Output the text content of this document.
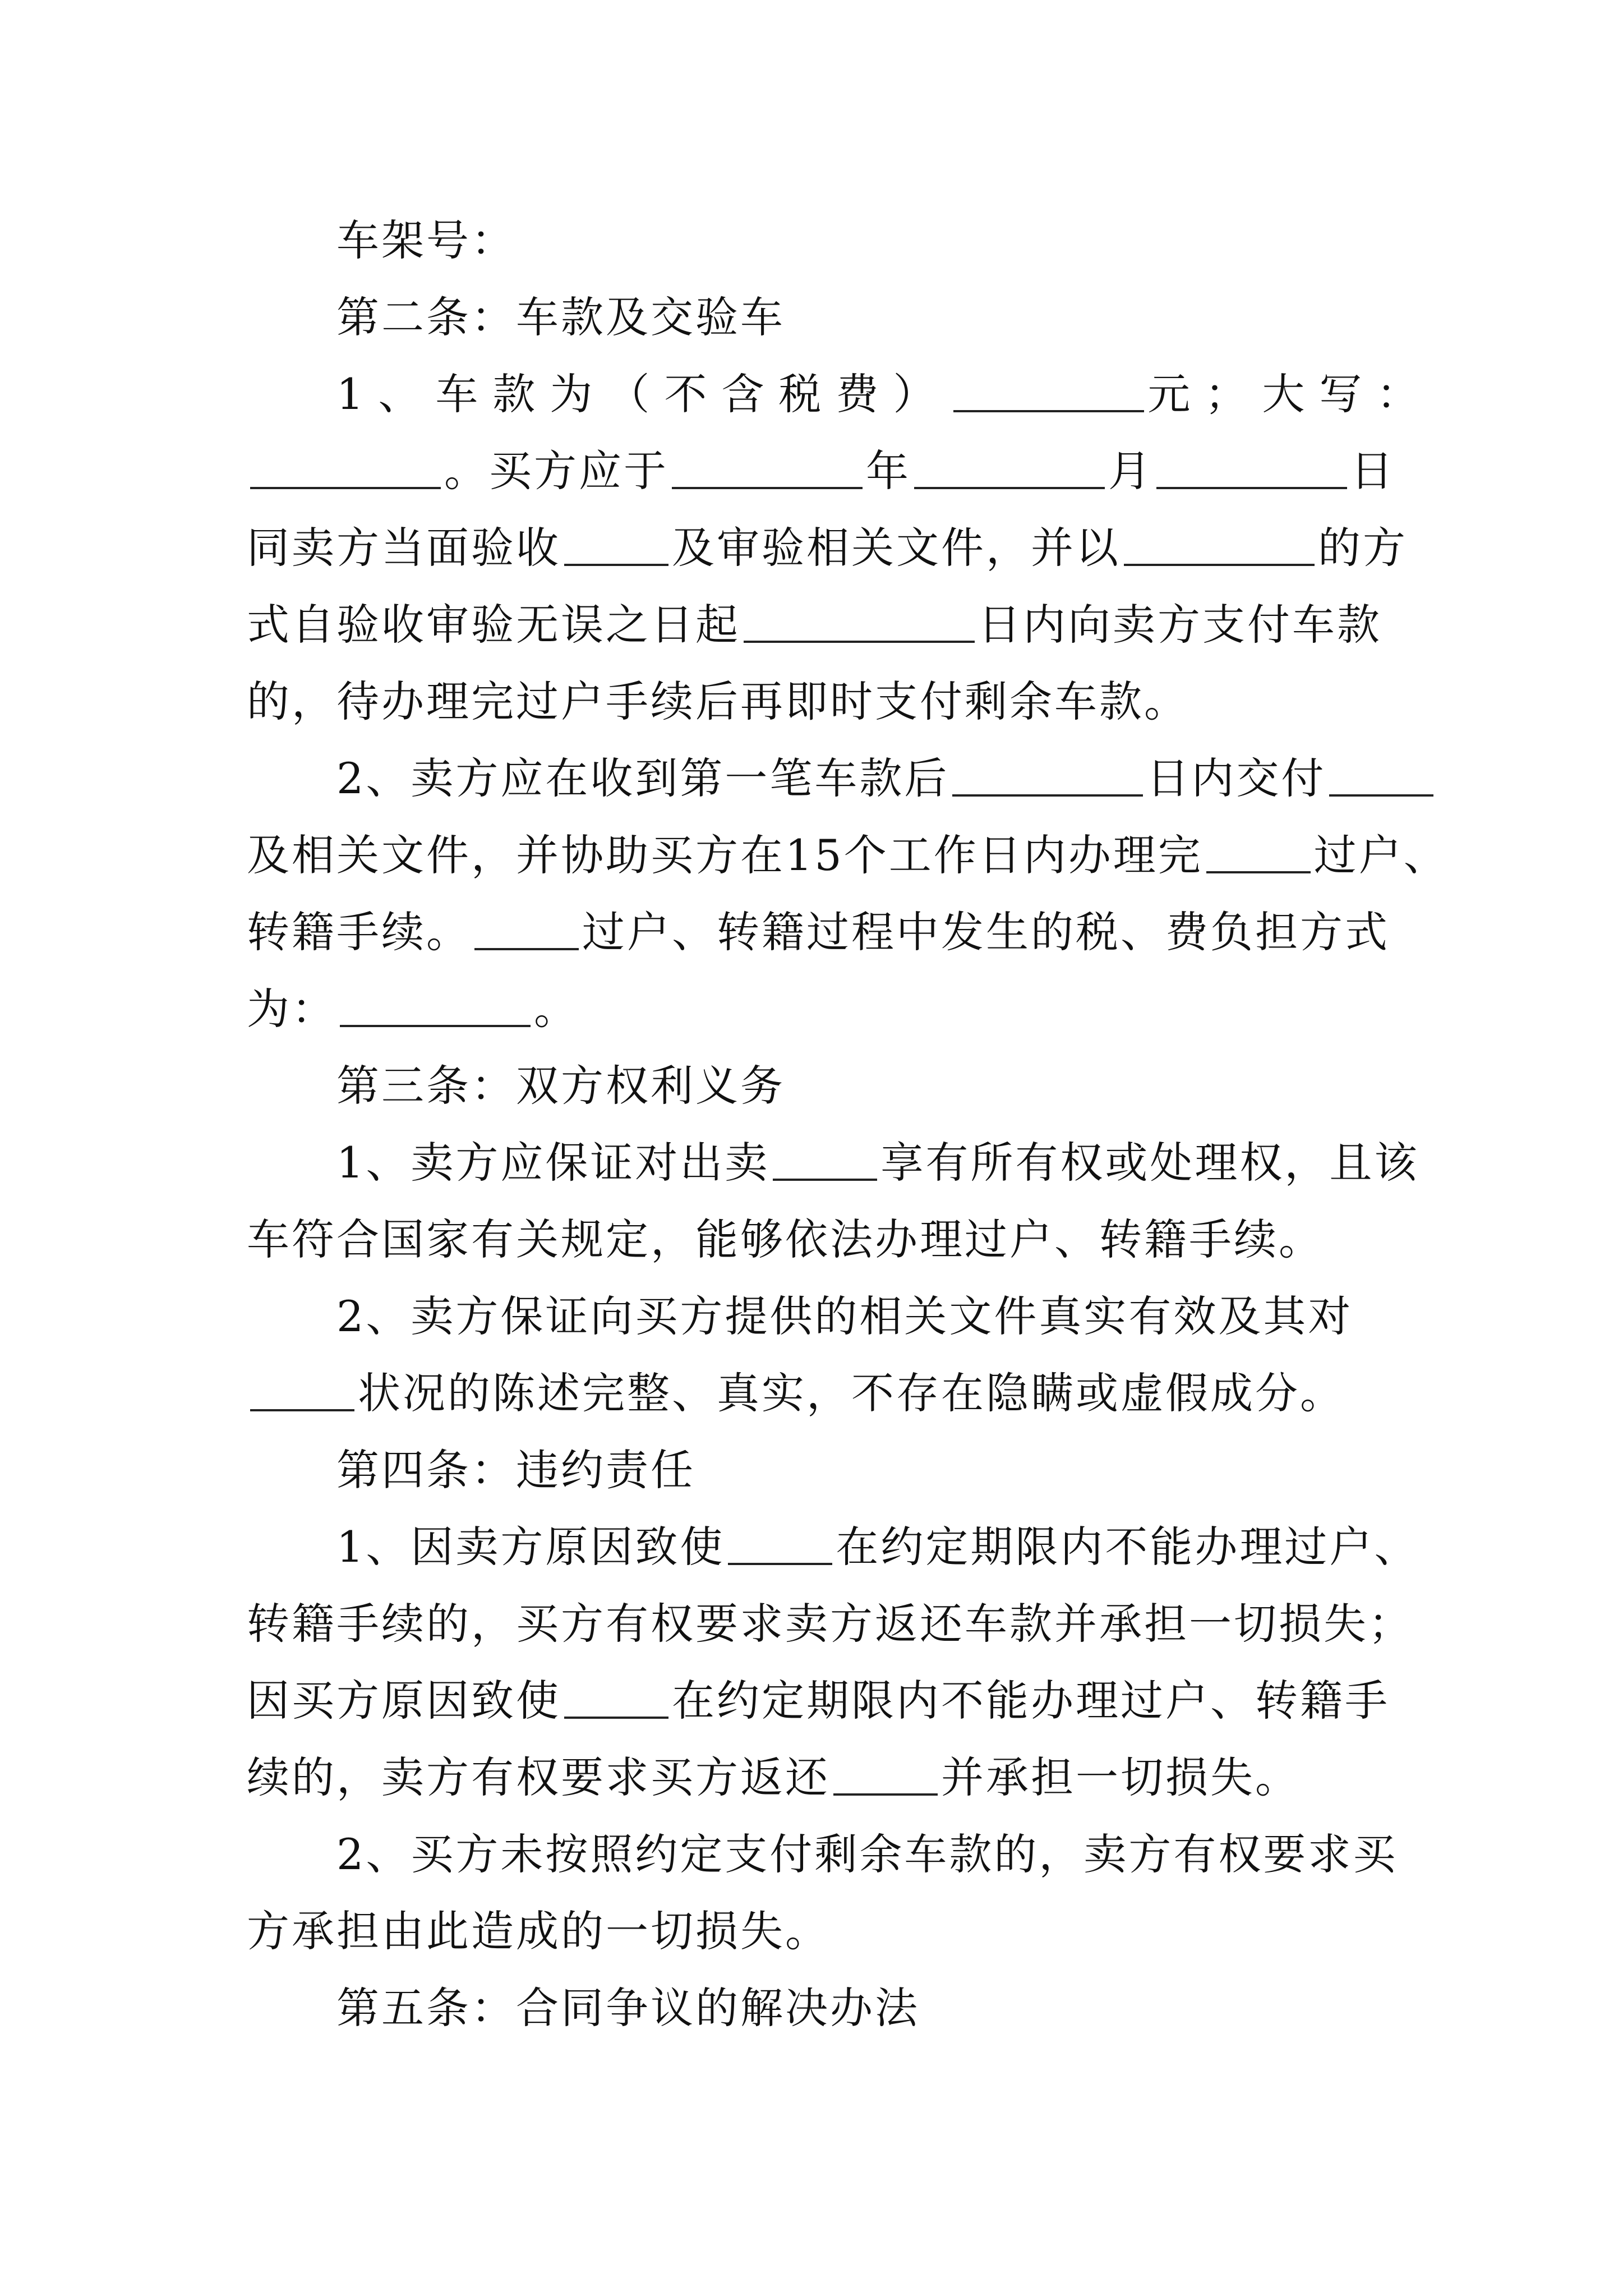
车架号：
第二条：车款及交验车
1、车款为（不含税费）	元；大写：
。买方应于	年	月	日
同卖方当面验收	及审验相关文件，并以	的方
式自验收审验无误之日起	日内向卖方支付车款
的，待办理完过户手续后再即时支付剩余车款。
2、卖方应在收到第一笔车款后	日内交付
及相关文件，并协助买方在15个工作日内办理完	过户、
转籍手续。	过户、转籍过程中发生的税、费负担方式
为：	。
第三条：双方权利义务
1、卖方应保证对出卖	享有所有权或处理权，且该
车符合国家有关规定，能够依法办理过户、转籍手续。
2、卖方保证向买方提供的相关文件真实有效及其对
状况的陈述完整、真实，不存在隐瞒或虚假成分。
第四条：违约责任
1、因卖方原因致使	在约定期限内不能办理过户、
转籍手续的，买方有权要求卖方返还车款并承担一切损失；
因买方原因致使	在约定期限内不能办理过户、转籍手
续的，卖方有权要求买方返还	并承担一切损失。
2、买方未按照约定支付剩余车款的，卖方有权要求买
方承担由此造成的一切损失。
第五条：合同争议的解决办法
